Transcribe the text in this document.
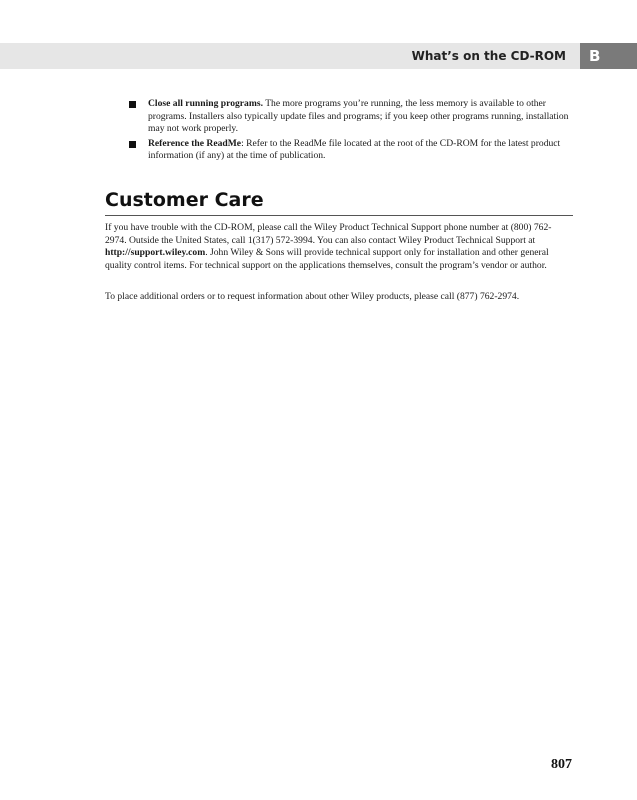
What’s on the CD-ROM B
Close all running programs. The more programs you’re running, the less memory is available to other programs. Installers also typically update files and programs; if you keep other programs running, installation may not work properly.
Reference the ReadMe: Refer to the ReadMe file located at the root of the CD-ROM for the latest product information (if any) at the time of publication.
Customer Care

If you have trouble with the CD-ROM, please call the Wiley Product Technical Support phone number at (800) 762-2974. Outside the United States, call 1(317) 572-3994. You can also contact Wiley Product Technical Support at http://support.wiley.com. John Wiley & Sons will provide technical support only for installation and other general quality control items. For technical support on the applications themselves, consult the program’s vendor or author.

To place additional orders or to request information about other Wiley products, please call (877) 762-2974.

807
